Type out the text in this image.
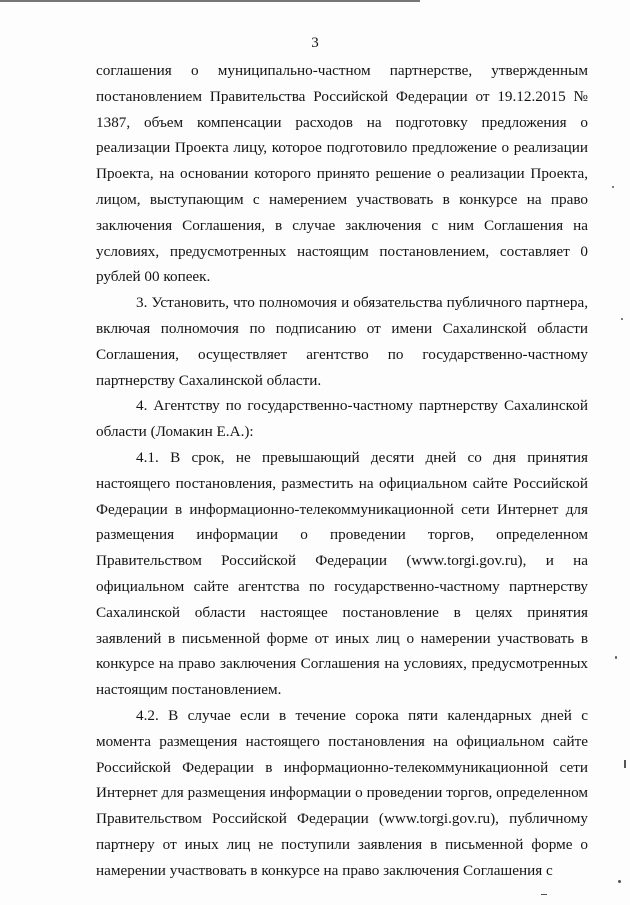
3

соглашения о муниципально-частном партнерстве, утвержденным постановлением Правительства Российской Федерации от 19.12.2015 № 1387, объем компенсации расходов на подготовку предложения о реализации Проекта лицу, которое подготовило предложение о реализации Проекта, на основании которого принято решение о реализации Проекта, лицом, выступающим с намерением участвовать в конкурсе на право заключения Соглашения, в случае заключения с ним Соглашения на условиях, предусмотренных настоящим постановлением, составляет 0 рублей 00 копеек.

3. Установить, что полномочия и обязательства публичного партнера, включая полномочия по подписанию от имени Сахалинской области Соглашения, осуществляет агентство по государственно-частному партнерству Сахалинской области.

4. Агентству по государственно-частному партнерству Сахалинской области (Ломакин Е.А.):

4.1. В срок, не превышающий десяти дней со дня принятия настоящего постановления, разместить на официальном сайте Российской Федерации в информационно-телекоммуникационной сети Интернет для размещения информации о проведении торгов, определенном Правительством Российской Федерации (www.torgi.gov.ru), и на официальном сайте агентства по государственно-частному партнерству Сахалинской области настоящее постановление в целях принятия заявлений в письменной форме от иных лиц о намерении участвовать в конкурсе на право заключения Соглашения на условиях, предусмотренных настоящим постановлением.

4.2. В случае если в течение сорока пяти календарных дней с момента размещения настоящего постановления на официальном сайте Российской Федерации в информационно-телекоммуникационной сети Интернет для размещения информации о проведении торгов, определенном Правительством Российской Федерации (www.torgi.gov.ru), публичному партнеру от иных лиц не поступили заявления в письменной форме о намерении участвовать в конкурсе на право заключения Соглашения с
